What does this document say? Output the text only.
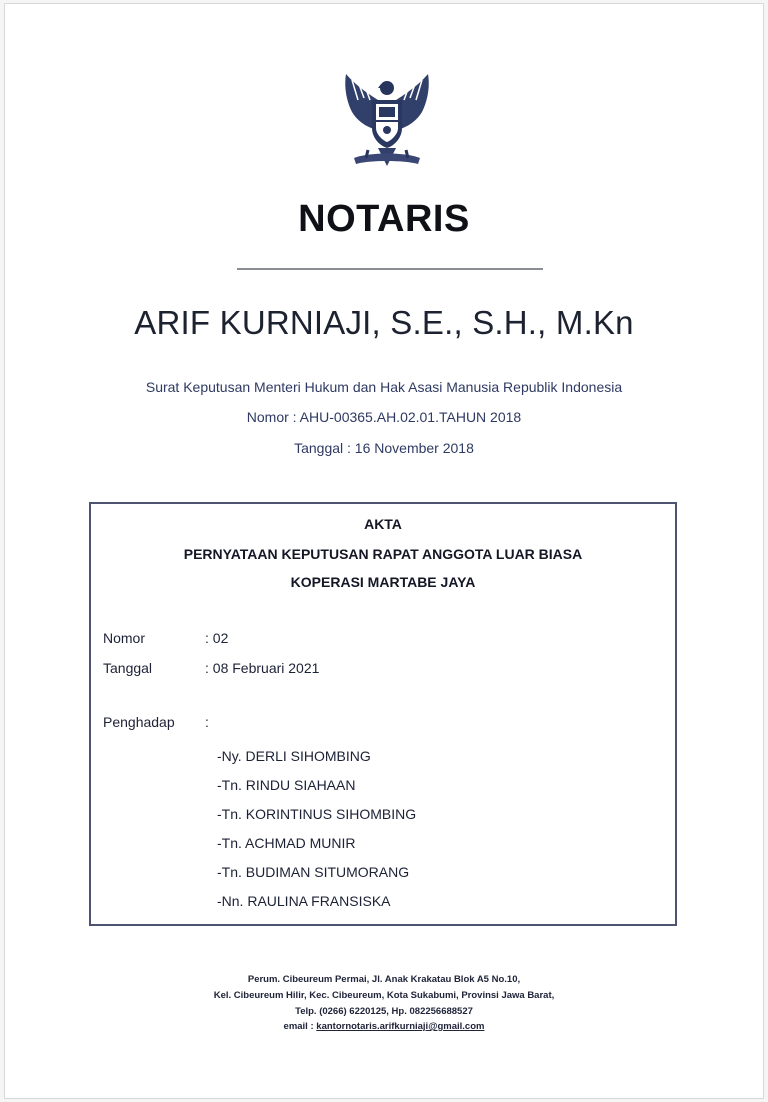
NOTARIS
ARIF KURNIAJI, S.E., S.H., M.Kn
Surat Keputusan Menteri Hukum dan Hak Asasi Manusia Republik Indonesia
Nomor : AHU-00365.AH.02.01.TAHUN 2018
Tanggal : 16 November 2018
AKTA
PERNYATAAN KEPUTUSAN RAPAT ANGGOTA LUAR BIASA
KOPERASI MARTABE JAYA
Nomor	: 02
Tanggal	: 08 Februari 2021
Penghadap :
-Ny. DERLI SIHOMBING
-Tn. RINDU SIAHAAN
-Tn. KORINTINUS SIHOMBING
-Tn. ACHMAD MUNIR
-Tn. BUDIMAN SITUMORANG
-Nn. RAULINA FRANSISKA
Perum. Cibeureum Permai, Jl. Anak Krakatau Blok A5 No.10,
Kel. Cibeureum Hilir, Kec. Cibeureum, Kota Sukabumi, Provinsi Jawa Barat,
Telp. (0266) 6220125, Hp. 082256688527
email : kantornotaris.arifkurniaji@gmail.com
